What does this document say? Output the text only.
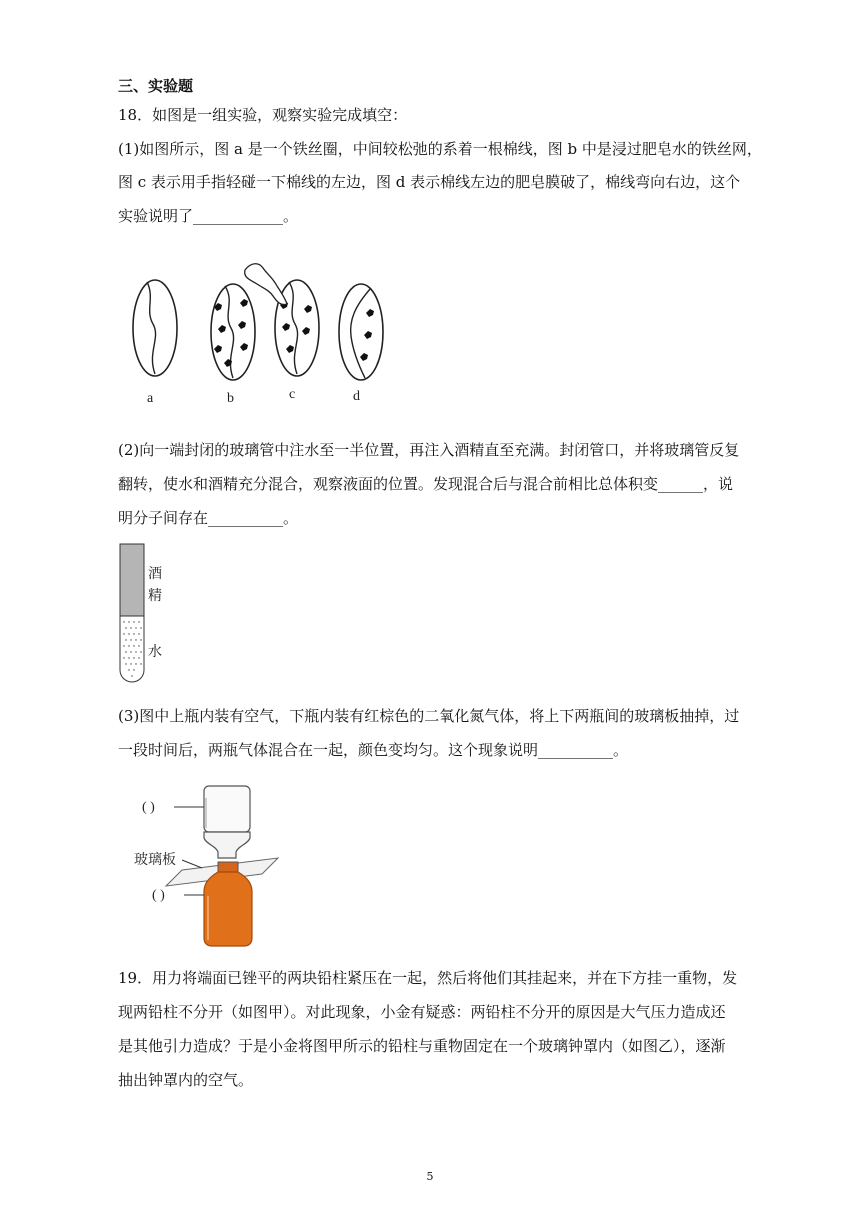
三、实验题
18．如图是一组实验，观察实验完成填空：
(1)如图所示，图 a 是一个铁丝圈，中间较松弛的系着一根棉线，图 b 中是浸过肥皂水的铁丝网，
图 c 表示用手指轻碰一下棉线的左边，图 d 表示棉线左边的肥皂膜破了，棉线弯向右边，这个
实验说明了____________。
a	b	c	d
(2)向一端封闭的玻璃管中注水至一半位置，再注入酒精直至充满。封闭管口，并将玻璃管反复
翻转，使水和酒精充分混合，观察液面的位置。发现混合后与混合前相比总体积变______，说
明分子间存在__________。
酒
精
水
(3)图中上瓶内装有空气，下瓶内装有红棕色的二氧化氮气体，将上下两瓶间的玻璃板抽掉，过
一段时间后，两瓶气体混合在一起，颜色变均匀。这个现象说明__________。
( )
玻璃板
( )
19．用力将端面已锉平的两块铅柱紧压在一起，然后将他们其挂起来，并在下方挂一重物，发
现两铅柱不分开（如图甲）。对此现象，小金有疑惑：两铅柱不分开的原因是大气压力造成还
是其他引力造成？于是小金将图甲所示的铅柱与重物固定在一个玻璃钟罩内（如图乙），逐渐
抽出钟罩内的空气。
5
